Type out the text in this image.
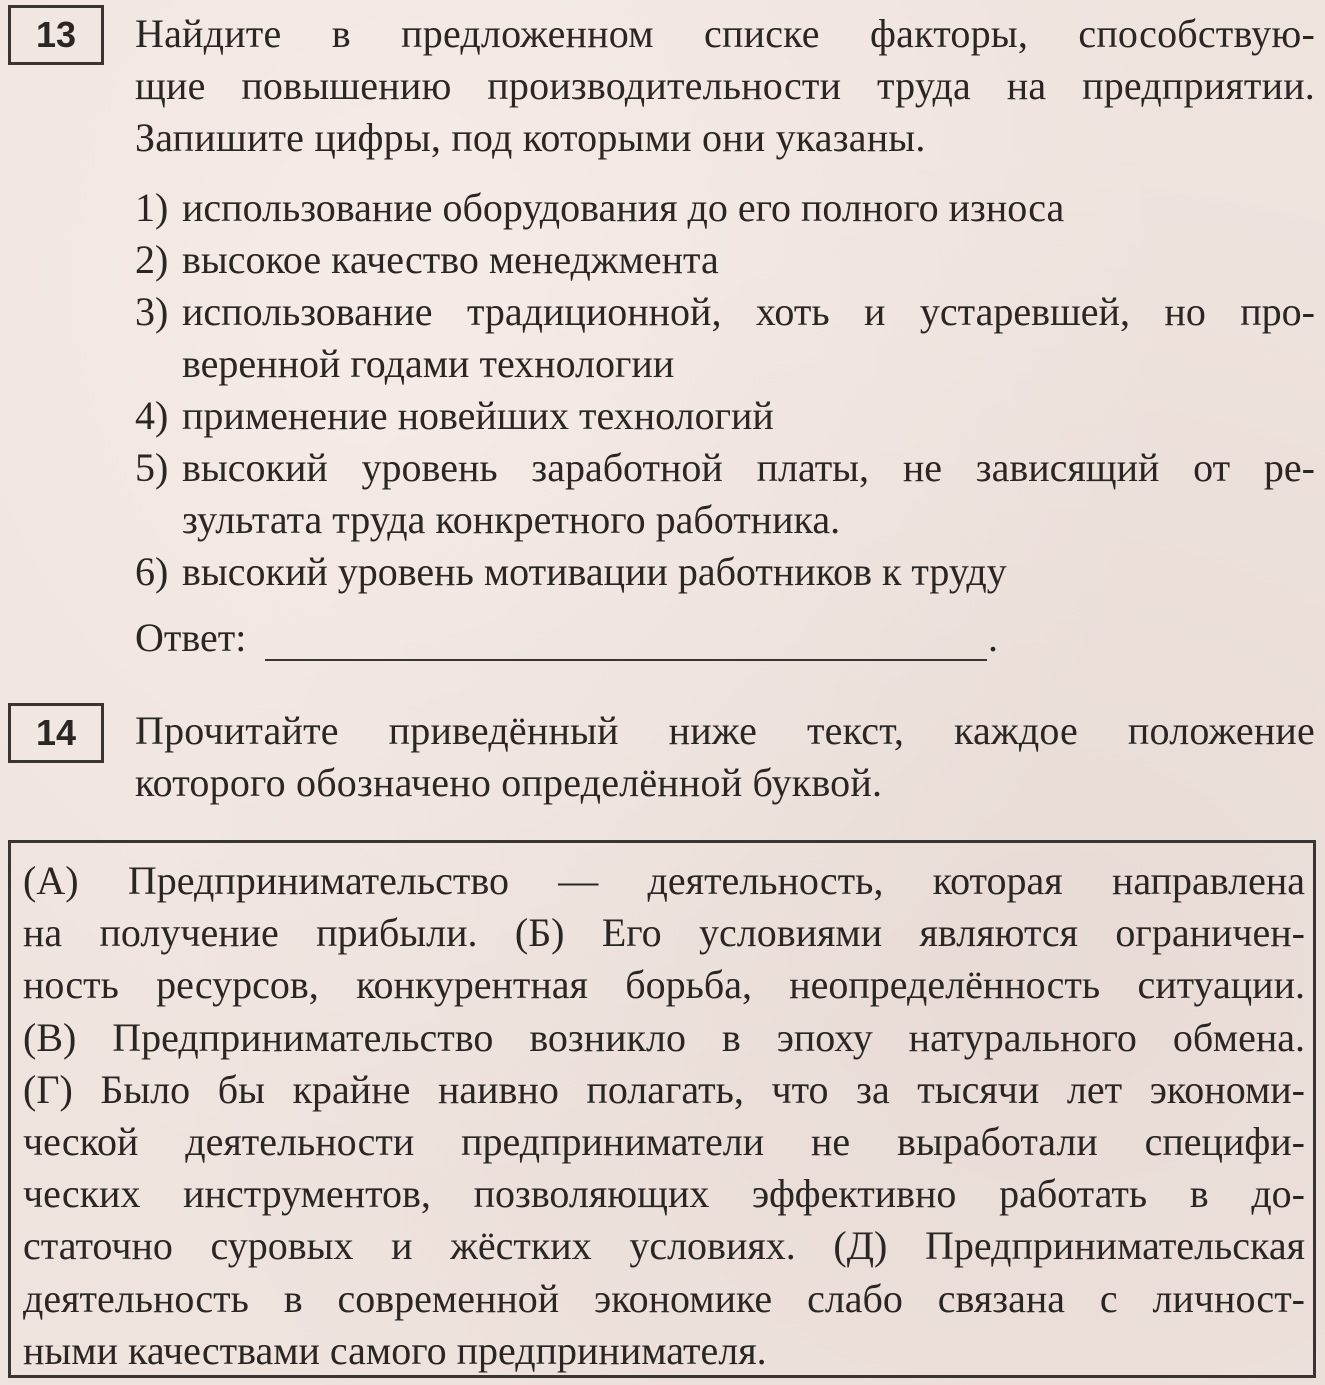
13 Найдите в предложенном списке факторы, способствую-
щие повышению производительности труда на предприятии.
Запишите цифры, под которыми они указаны.
1) использование оборудования до его полного износа
2) высокое качество менеджмента
3) использование традиционной, хоть и устаревшей, но про-
веренной годами технологии
4) применение новейших технологий
5) высокий уровень заработной платы, не зависящий от ре-
зультата труда конкретного работника.
6) высокий уровень мотивации работников к труду
Ответ:	.
14 Прочитайте приведённый ниже текст, каждое положение
которого обозначено определённой буквой.
(А) Предпринимательство — деятельность, которая направлена
на получение прибыли. (Б) Его условиями являются ограничен-
ность ресурсов, конкурентная борьба, неопределённость ситуации.
(В) Предпринимательство возникло в эпоху натурального обмена.
(Г) Было бы крайне наивно полагать, что за тысячи лет экономи-
ческой деятельности предприниматели не выработали специфи-
ческих инструментов, позволяющих эффективно работать в до-
статочно суровых и жёстких условиях. (Д) Предпринимательская
деятельность в современной экономике слабо связана с личност-
ными качествами самого предпринимателя.
